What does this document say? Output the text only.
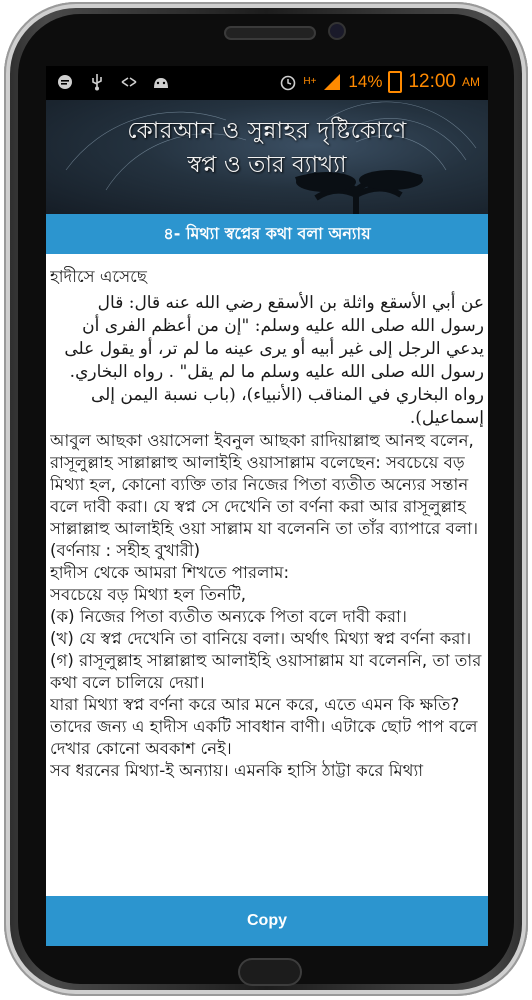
H+ 14% 12:00 AM
কোরআন ও সুন্নাহর দৃষ্টিকোণে
স্বপ্ন ও তার ব্যাখ্যা
৪- মিথ্যা স্বপ্নের কথা বলা অন্যায়

হাদীসে এসেছে

عن أبي الأسقع واثلة بن الأسقع رضي الله عنه قال: قال رسول الله صلى الله عليه وسلم: "إن من أعظم الفرى أن يدعي الرجل إلى غير أبيه أو يرى عينه ما لم تر، أو يقول على رسول الله صلى الله عليه وسلم ما لم يقل" . رواه البخاري.

رواه البخاري في المناقب (الأنبياء)، (باب نسبة اليمن إلى إسماعيل).

আবুল আছকা ওয়াসেলা ইবনুল আছকা রাদিয়াল্লাহু আনহু বলেন, রাসূলুল্লাহ সাল্লাল্লাহু আলাইহি ওয়াসাল্লাম বলেছেন: সবচেয়ে বড় মিথ্যা হল, কোনো ব্যক্তি তার নিজের পিতা ব্যতীত অন্যের সন্তান বলে দাবী করা। যে স্বপ্ন সে দেখেনি তা বর্ণনা করা আর রাসূলুল্লাহ সাল্লাল্লাহু আলাইহি ওয়া সাল্লাম যা বলেননি তা তাঁর ব্যাপারে বলা। (বর্ণনায় : সহীহ বুখারী)

হাদীস থেকে আমরা শিখতে পারলাম:

সবচেয়ে বড় মিথ্যা হল তিনটি,

(ক) নিজের পিতা ব্যতীত অন্যকে পিতা বলে দাবী করা।

(খ) যে স্বপ্ন দেখেনি তা বানিয়ে বলা। অর্থাৎ মিথ্যা স্বপ্ন বর্ণনা করা।

(গ) রাসূলুল্লাহ সাল্লাল্লাহু আলাইহি ওয়াসাল্লাম যা বলেননি, তা তার কথা বলে চালিয়ে দেয়া।

যারা মিথ্যা স্বপ্ন বর্ণনা করে আর মনে করে, এতে এমন কি ক্ষতি? তাদের জন্য এ হাদীস একটি সাবধান বাণী। এটাকে ছোট পাপ বলে দেখার কোনো অবকাশ নেই।

সব ধরনের মিথ্যা-ই অন্যায়। এমনকি হাসি ঠাট্টা করে মিথ্যা

Copy
